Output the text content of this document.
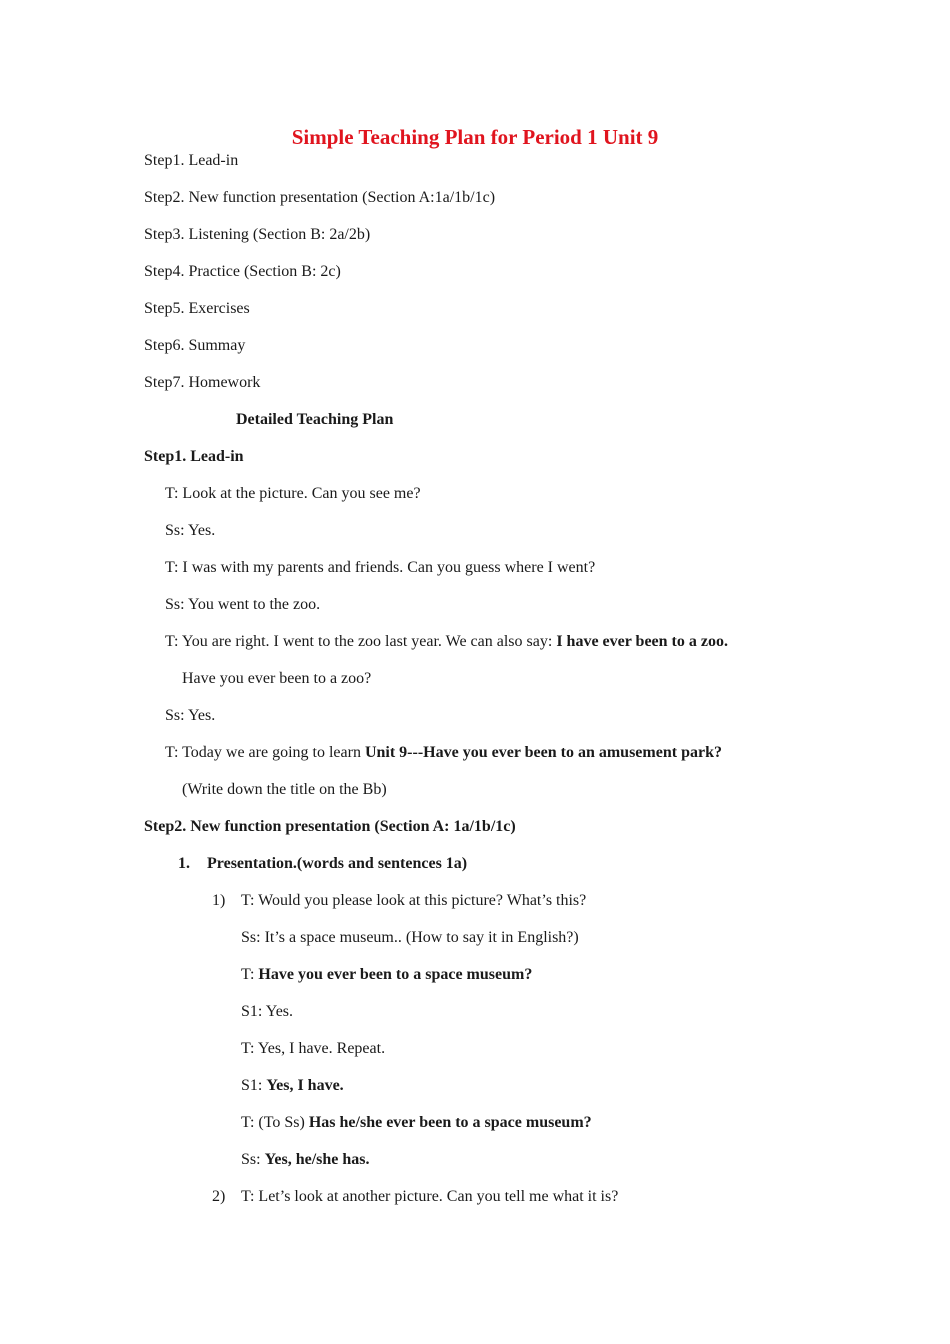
Simple Teaching Plan for Period 1 Unit 9
Step1. Lead-in
Step2. New function presentation (Section A:1a/1b/1c)
Step3. Listening (Section B: 2a/2b)
Step4. Practice (Section B: 2c)
Step5. Exercises
Step6. Summay
Step7. Homework
Detailed Teaching Plan
Step1. Lead-in
T: Look at the picture. Can you see me?
Ss: Yes.
T: I was with my parents and friends. Can you guess where I went?
Ss: You went to the zoo.
T: You are right. I went to the zoo last year. We can also say: I have ever been to a zoo.
Have you ever been to a zoo?
Ss: Yes.
T: Today we are going to learn Unit 9---Have you ever been to an amusement park?
(Write down the title on the Bb)
Step2. New function presentation (Section A: 1a/1b/1c)
1. Presentation.(words and sentences 1a)
1) T: Would you please look at this picture? What’s this?
Ss: It’s a space museum.. (How to say it in English?)
T: Have you ever been to a space museum?
S1: Yes.
T: Yes, I have. Repeat.
S1: Yes, I have.
T: (To Ss) Has he/she ever been to a space museum?
Ss: Yes, he/she has.
2) T: Let’s look at another picture. Can you tell me what it is?
